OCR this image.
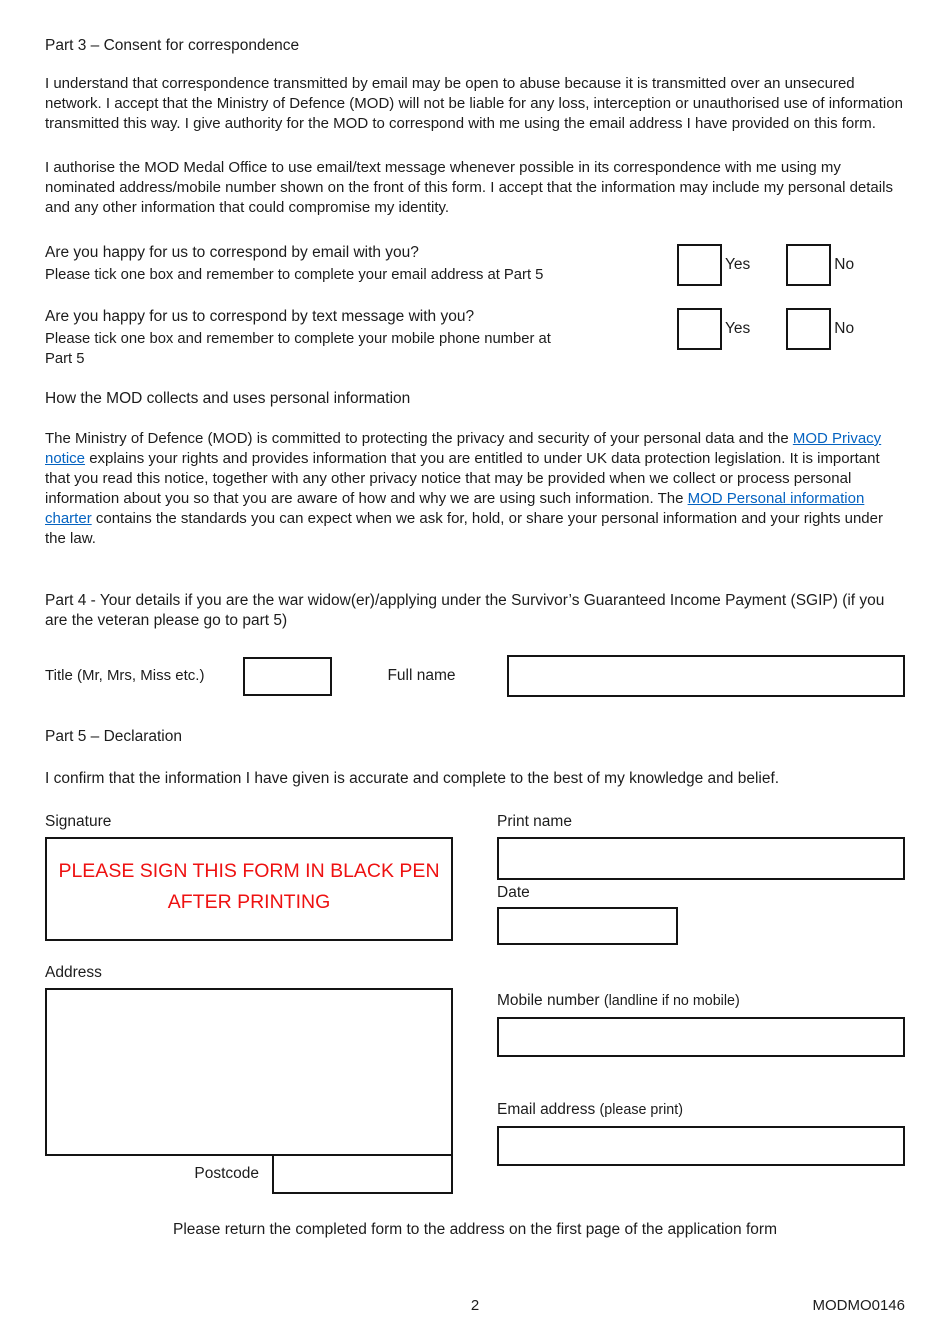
Part 3 – Consent for correspondence

I understand that correspondence transmitted by email may be open to abuse because it is transmitted over an unsecured network. I accept that the Ministry of Defence (MOD) will not be liable for any loss, interception or unauthorised use of information transmitted this way. I give authority for the MOD to correspond with me using the email address I have provided on this form.

I authorise the MOD Medal Office to use email/text message whenever possible in its correspondence with me using my nominated address/mobile number shown on the front of this form. I accept that the information may include my personal details and any other information that could compromise my identity.

Are you happy for us to correspond by email with you?
Please tick one box and remember to complete your email address at Part 5
Yes	No
Are you happy for us to correspond by text message with you?
Please tick one box and remember to complete your mobile phone number at Part 5
Yes	No
How the MOD collects and uses personal information

The Ministry of Defence (MOD) is committed to protecting the privacy and security of your personal data and the MOD Privacy notice explains your rights and provides information that you are entitled to under UK data protection legislation. It is important that you read this notice, together with any other privacy notice that may be provided when we collect or process personal information about you so that you are aware of how and why we are using such information. The MOD Personal information charter contains the standards you can expect when we ask for, hold, or share your personal information and your rights under the law.

Part 4 - Your details if you are the war widow(er)/applying under the Survivor’s Guaranteed Income Payment (SGIP) (if you are the veteran please go to part 5)
Title (Mr, Mrs, Miss etc.)	Full name
Part 5 – Declaration

I confirm that the information I have given is accurate and complete to the best of my knowledge and belief.

Signature
PLEASE SIGN THIS FORM IN BLACK PEN AFTER PRINTING
Address
Postcode
Print name
Date
Mobile number (landline if no mobile)
Email address (please print)

Please return the completed form to the address on the first page of the application form

2	MODMO0146
